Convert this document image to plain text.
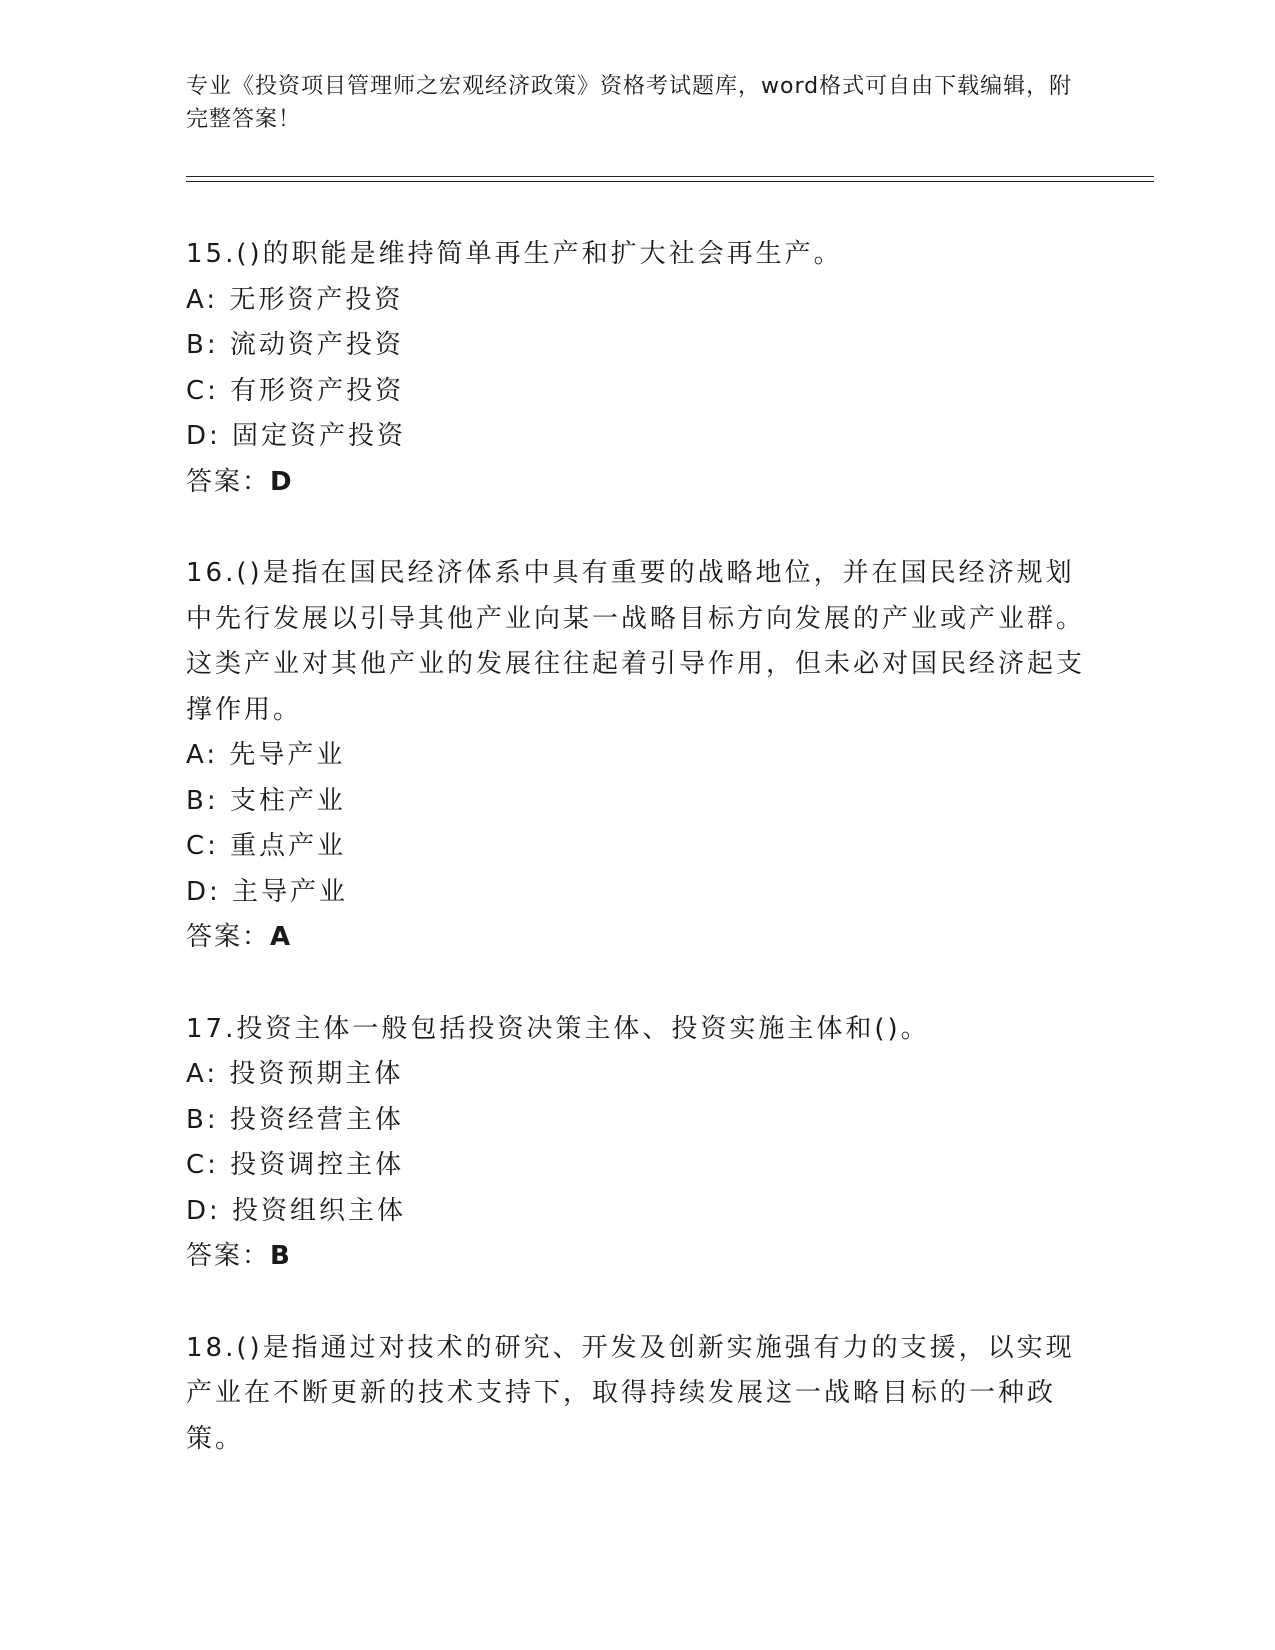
专业《投资项目管理师之宏观经济政策》资格考试题库，word格式可自由下载编辑，附完整答案！

15.()的职能是维持简单再生产和扩大社会再生产。

A: 无形资产投资

B: 流动资产投资

C: 有形资产投资

D: 固定资产投资

答案：D

16.()是指在国民经济体系中具有重要的战略地位，并在国民经济规划中先行发展以引导其他产业向某一战略目标方向发展的产业或产业群。这类产业对其他产业的发展往往起着引导作用，但未必对国民经济起支撑作用。

A: 先导产业

B: 支柱产业

C: 重点产业

D: 主导产业

答案：A

17.投资主体一般包括投资决策主体、投资实施主体和()。

A: 投资预期主体

B: 投资经营主体

C: 投资调控主体

D: 投资组织主体

答案：B

18.()是指通过对技术的研究、开发及创新实施强有力的支援，以实现产业在不断更新的技术支持下，取得持续发展这一战略目标的一种政策。
